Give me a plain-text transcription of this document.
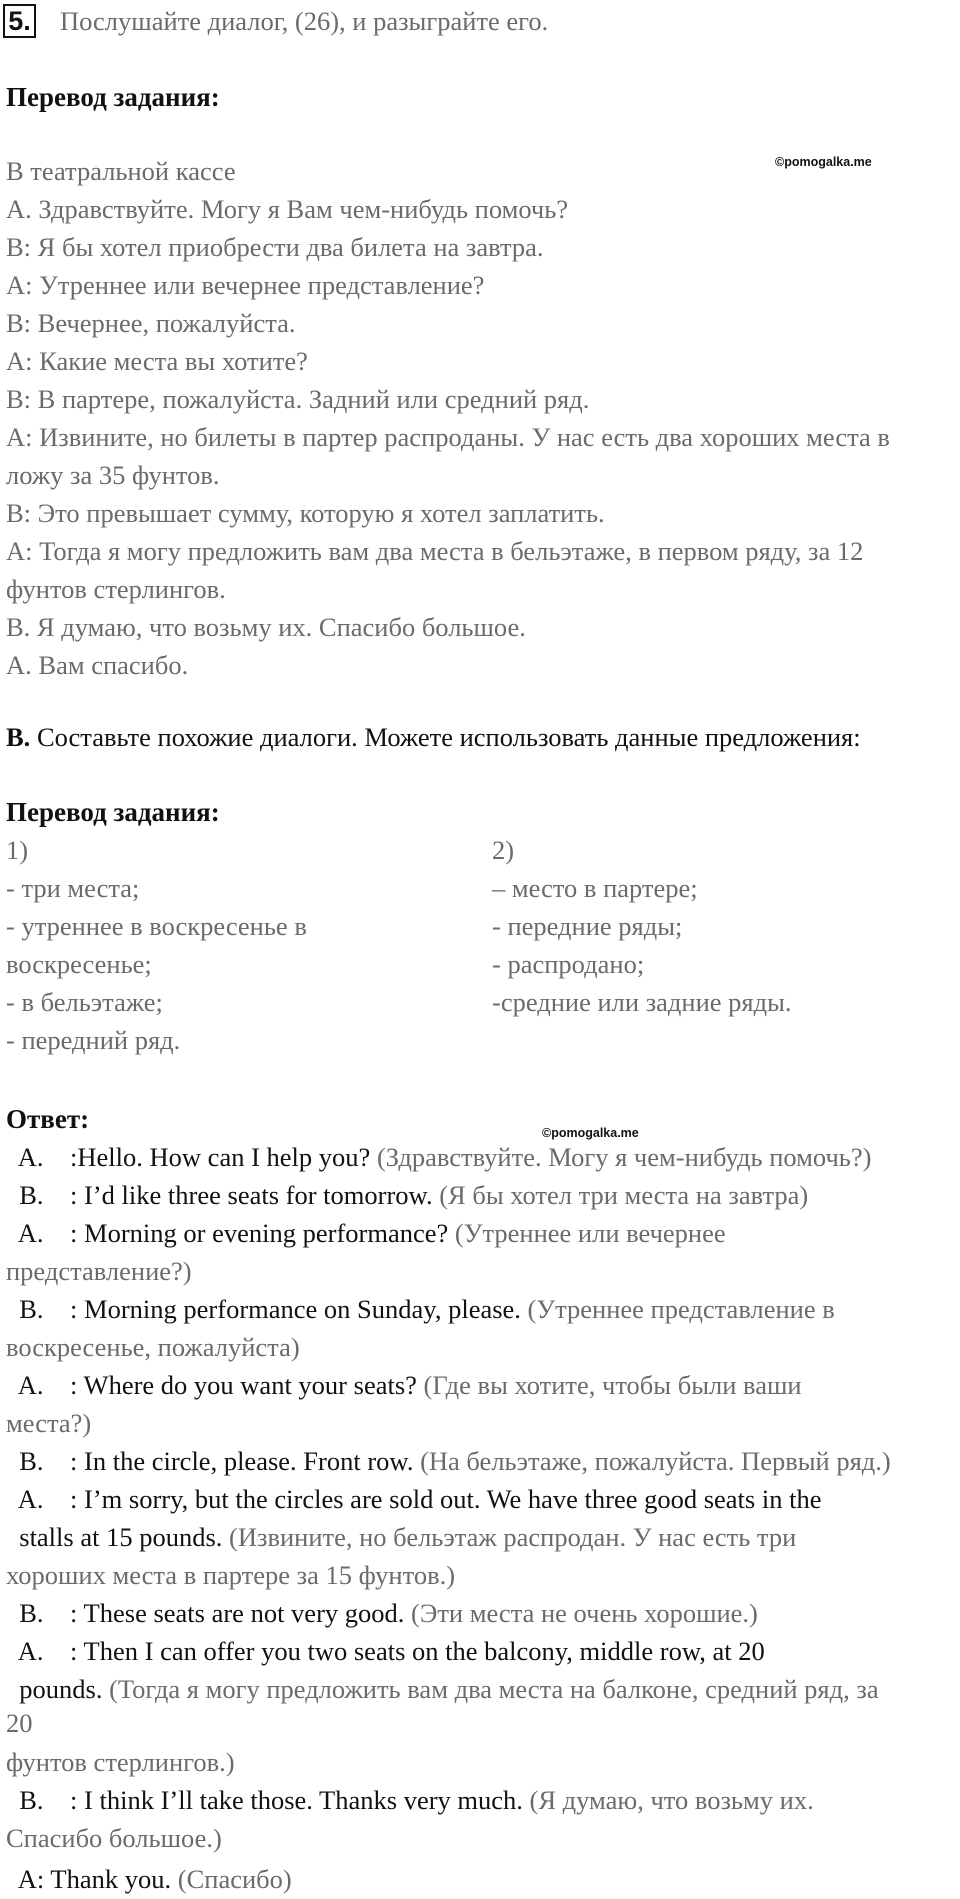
5. Послушайте диалог, (26), и разыграйте его.
Перевод задания:
©pomogalka.me
В театральной кассе
А. Здравствуйте. Могу я Вам чем-нибудь помочь?
В: Я бы хотел приобрести два билета на завтра.
А: Утреннее или вечернее представление?
В: Вечернее, пожалуйста.
А: Какие места вы хотите?
В: В партере, пожалуйста. Задний или средний ряд.
А: Извините, но билеты в партер распроданы. У нас есть два хороших места в
ложу за 35 фунтов.
В: Это превышает сумму, которую я хотел заплатить.
А: Тогда я могу предложить вам два места в бельэтаже, в первом ряду, за 12
фунтов стерлингов.
В. Я думаю, что возьму их. Спасибо большое.
А. Вам спасибо.
B. Составьте похожие диалоги. Можете использовать данные предложения:
Перевод задания:
1)
- три места;
- утреннее в воскресенье в
воскресенье;
- в бельэтаже;
- передний ряд.
2)
– место в партере;
- передние ряды;
- распродано;
-средние или задние ряды.
Ответ:	©pomogalka.me
A.    :Hello. How can I help you? (Здравствуйте. Могу я чем-нибудь помочь?)
B.    : I’d like three seats for tomorrow. (Я бы хотел три места на завтра)
A.    : Morning or evening performance? (Утреннее или вечернее
представление?)
B.    : Morning performance on Sunday, please. (Утреннее представление в
воскресенье, пожалуйста)
A.    : Where do you want your seats? (Где вы хотите, чтобы были ваши
места?)
B.    : In the circle, please. Front row. (На бельэтаже, пожалуйста. Первый ряд.)
A.    : I’m sorry, but the circles are sold out. We have three good seats in the
stalls at 15 pounds. (Извините, но бельэтаж распродан. У нас есть три
хороших места в партере за 15 фунтов.)
B.    : These seats are not very good. (Эти места не очень хорошие.)
A.    : Then I can offer you two seats on the balcony, middle row, at 20
pounds. (Тогда я могу предложить вам два места на балконе, средний ряд, за
20
фунтов стерлингов.)
B.    : I think I’ll take those. Thanks very much. (Я думаю, что возьму их.
Спасибо большое.)
A: Thank you. (Спасибо)
